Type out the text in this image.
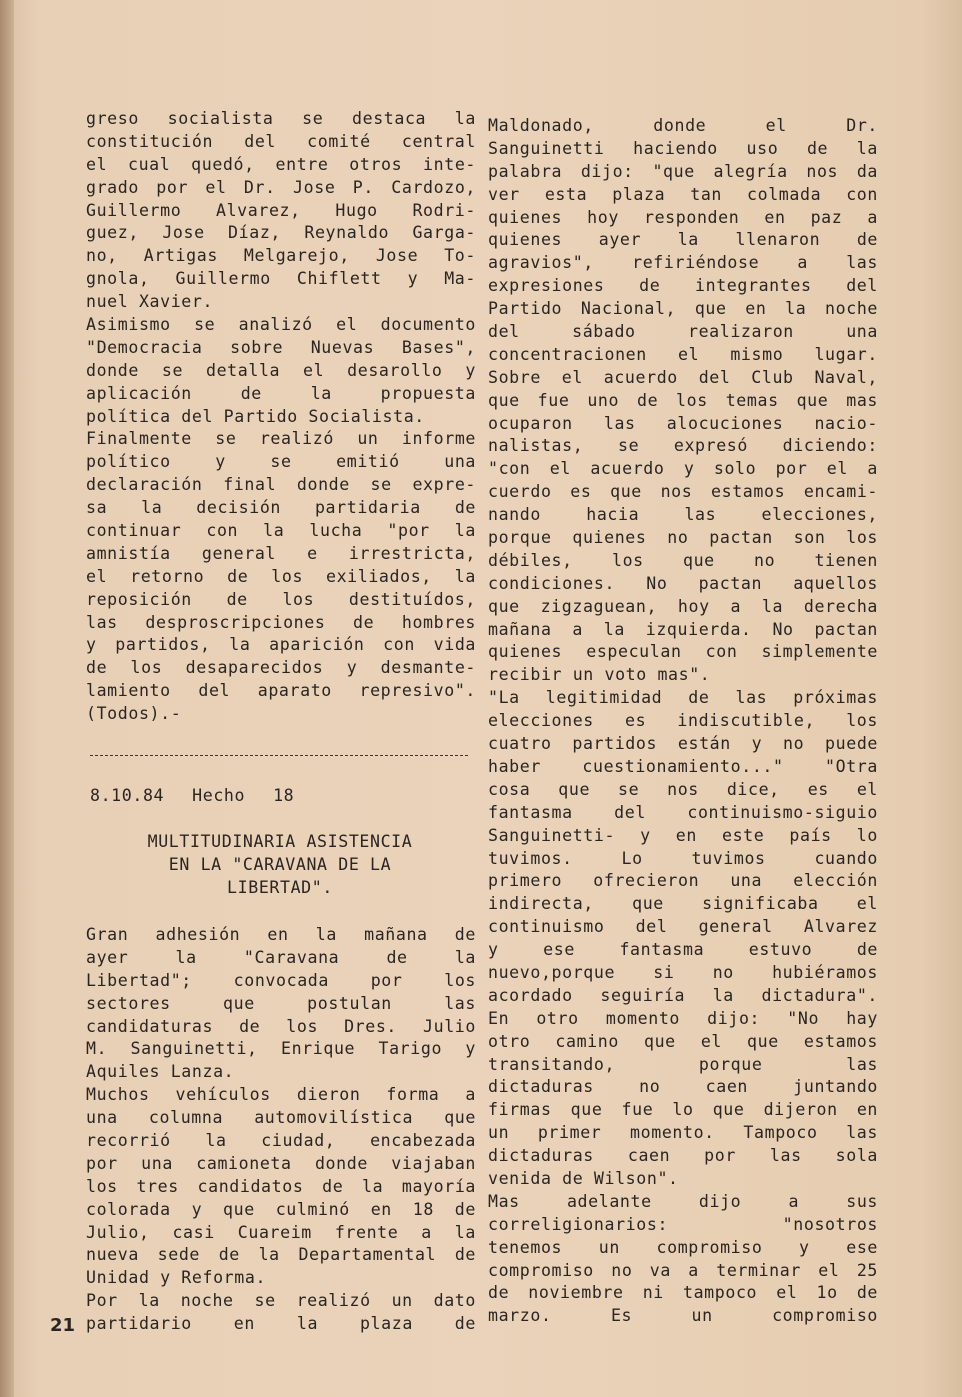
greso socialista se destaca la
constitución del comité central
el cual quedó, entre otros inte-
grado por el Dr. Jose P. Cardozo,
Guillermo Alvarez, Hugo Rodri-
guez, Jose Díaz, Reynaldo Garga-
no, Artigas Melgarejo, Jose To-
gnola, Guillermo Chiflett y Ma-
nuel Xavier.
Asimismo se analizó el documento
"Democracia sobre Nuevas Bases",
donde se detalla el desarollo y
aplicación de la propuesta
política del Partido Socialista.
Finalmente se realizó un informe
político y se emitió una
declaración final donde se expre-
sa la decisión partidaria de
continuar con la lucha "por la
amnistía general e irrestricta,
el retorno de los exiliados, la
reposición de los destituídos,
las desproscripciones de hombres
y partidos, la aparición con vida
de los desaparecidos y desmante-
lamiento del aparato represivo".
(Todos).-
8.10.84 Hecho 18
MULTITUDINARIA ASISTENCIA
EN LA "CARAVANA DE LA
LIBERTAD".
Gran adhesión en la mañana de
ayer la "Caravana de la
Libertad"; convocada por los
sectores que postulan las
candidaturas de los Dres. Julio
M. Sanguinetti, Enrique Tarigo y
Aquiles Lanza.
Muchos vehículos dieron forma a
una columna automovilística que
recorrió la ciudad, encabezada
por una camioneta donde viajaban
los tres candidatos de la mayoría
colorada y que culminó en 18 de
Julio, casi Cuareim frente a la
nueva sede de la Departamental de
Unidad y Reforma.
Por la noche se realizó un dato
partidario en la plaza de
Maldonado, donde el Dr.
Sanguinetti haciendo uso de la
palabra dijo: "que alegría nos da
ver esta plaza tan colmada con
quienes hoy responden en paz a
quienes ayer la llenaron de
agravios", refiriéndose a las
expresiones de integrantes del
Partido Nacional, que en la noche
del sábado realizaron una
concentracionen el mismo lugar.
Sobre el acuerdo del Club Naval,
que fue uno de los temas que mas
ocuparon las alocuciones nacio-
nalistas, se expresó diciendo:
"con el acuerdo y solo por el a
cuerdo es que nos estamos encami-
nando hacia las elecciones,
porque quienes no pactan son los
débiles, los que no tienen
condiciones. No pactan aquellos
que zigzaguean, hoy a la derecha
mañana a la izquierda. No pactan
quienes especulan con simplemente
recibir un voto mas".
"La legitimidad de las próximas
elecciones es indiscutible, los
cuatro partidos están y no puede
haber cuestionamiento..." "Otra
cosa que se nos dice, es el
fantasma del continuismo-siguio
Sanguinetti- y en este país lo
tuvimos. Lo tuvimos cuando
primero ofrecieron una elección
indirecta, que significaba el
continuismo del general Alvarez
y ese fantasma estuvo de
nuevo,porque si no hubiéramos
acordado seguiría la dictadura".
En otro momento dijo: "No hay
otro camino que el que estamos
transitando, porque las
dictaduras no caen juntando
firmas que fue lo que dijeron en
un primer momento. Tampoco las
dictaduras caen por las sola
venida de Wilson".
Mas adelante dijo a sus
correligionarios: "nosotros
tenemos un compromiso y ese
compromiso no va a terminar el 25
de noviembre ni tampoco el 1o de
marzo. Es un compromiso
21
